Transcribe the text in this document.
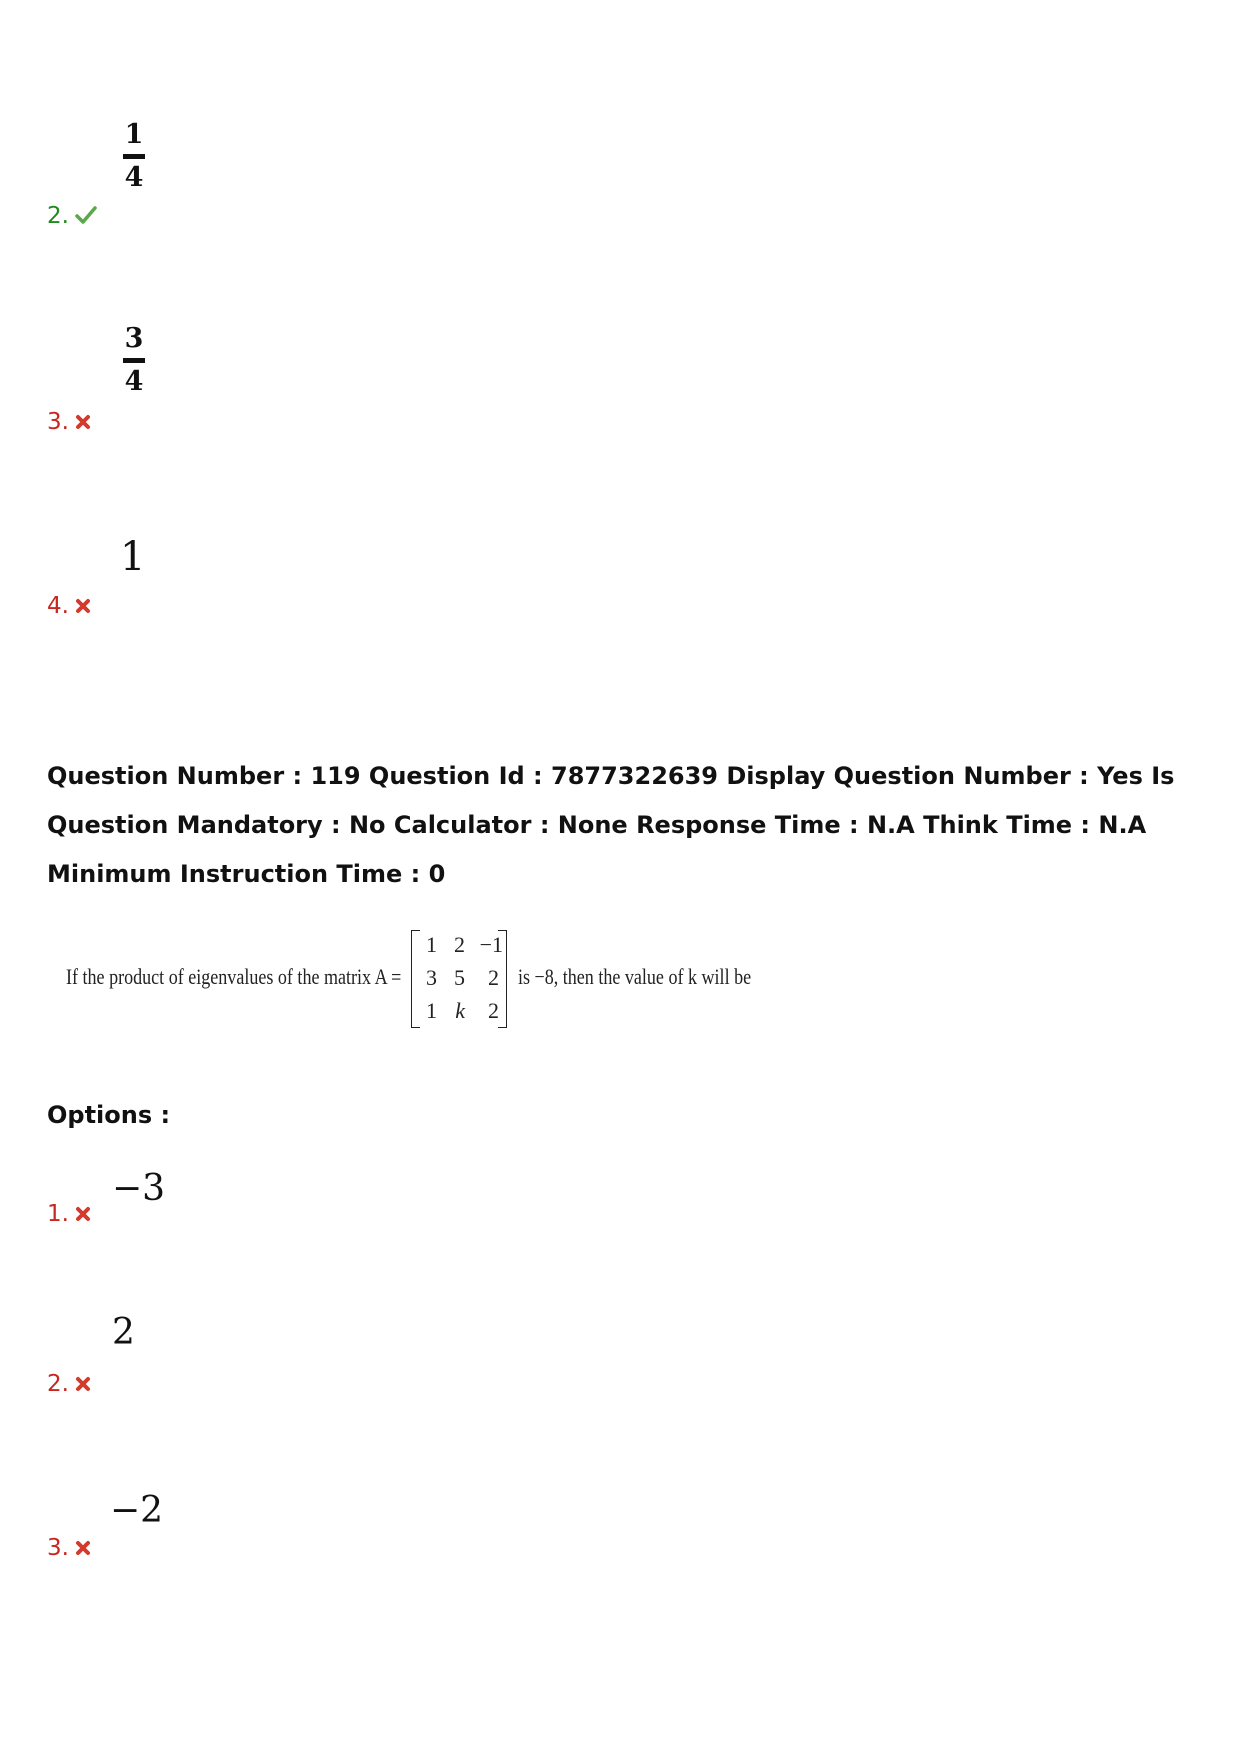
1
4
2.
3
4
3.
1
4.
Question Number : 119 Question Id : 7877322639 Display Question Number : Yes Is Question Mandatory : No Calculator : None Response Time : N.A Think Time : N.A Minimum Instruction Time : 0
If the product of eigenvalues of the matrix A =
1 2 −1
3 5	2
1 k	2
is −8, then the value of k will be
Options :
−3
1.
2
2.
−2
3.
